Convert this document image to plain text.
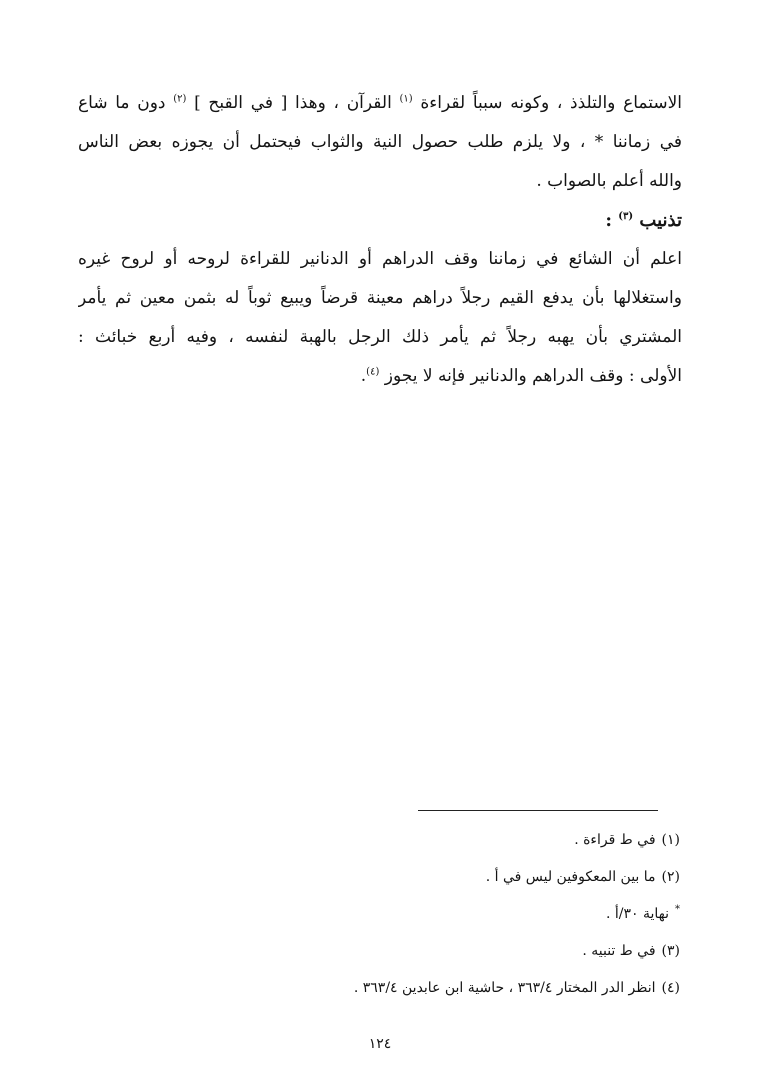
الاستماع والتلذذ ، وكونه سبباً لقراءة $^{(١)}$ القرآن ، وهذا [ في القبح ] $^{(٢)}$ دون ما شاع
في زماننا * ، ولا يلزم طلب حصول النية والثواب فيحتمل أن يجوزه بعض الناس
والله أعلم بالصواب .
تذنيب $^{(٣)}$ :
اعلم أن الشائع في زماننا وقف الدراهم أو الدنانير للقراءة لروحه أو لروح غيره
واستغلالها بأن يدفع القيم رجلاً دراهم معينة قرضاً ويبيع ثوباً له بثمن معين ثم يأمر
المشتري بأن يهبه رجلاً ثم يأمر ذلك الرجل بالهبة لنفسه ، وفيه أربع خبائث :
الأولى : وقف الدراهم والدنانير فإنه لا يجوز $^{(٤)}$.
(١)في ط قراءة .
(٢)ما بين المعكوفين ليس في أ .
*نهاية ٣٠/أ .
(٣)في ط تنبيه .
(٤)انظر الدر المختار ٣٦٣/٤ ، حاشية ابن عابدين ٣٦٣/٤ .
١٢٤
